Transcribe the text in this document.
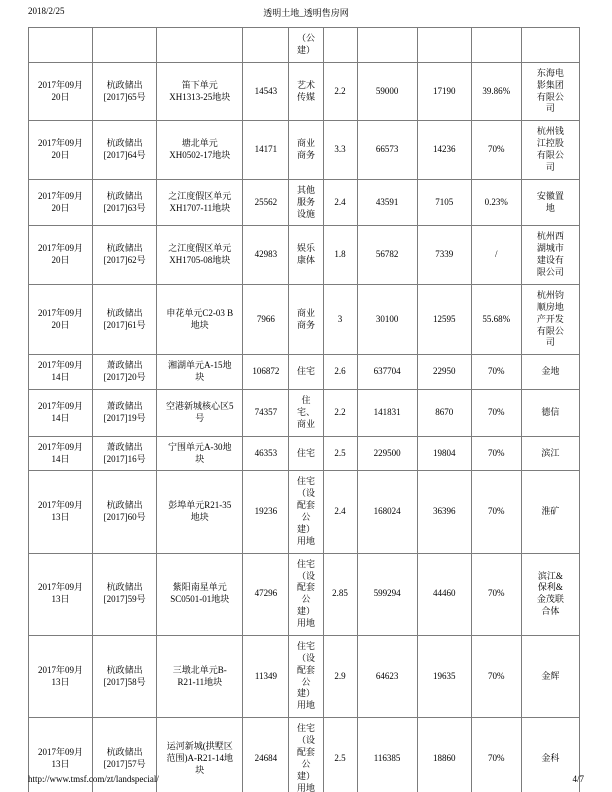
2018/2/25	透明土地_透明售房网
				（公建）					
2017年09月20日	杭政储出[2017]65号	笛下单元XH1313-25地块	14543	艺术传媒	2.2	59000	17190	39.86%	东海电影集团有限公司
2017年09月20日	杭政储出[2017]64号	塘北单元XH0502-17地块	14171	商业商务	3.3	66573	14236	70%	杭州钱江控股有限公司
2017年09月20日	杭政储出[2017]63号	之江度假区单元XH1707-11地块	25562	其他服务设施	2.4	43591	7105	0.23%	安徽置地
2017年09月20日	杭政储出[2017]62号	之江度假区单元XH1705-08地块	42983	娱乐康体	1.8	56782	7339	/	杭州西湖城市建设有限公司
2017年09月20日	杭政储出[2017]61号	申花单元C2-03 B地块	7966	商业商务	3	30100	12595	55.68%	杭州钧顺房地产开发有限公司
2017年09月14日	萧政储出[2017]20号	湘湖单元A-15地块	106872	住宅	2.6	637704	22950	70%	金地
2017年09月14日	萧政储出[2017]19号	空港新城核心区5号	74357	住宅、商业	2.2	141831	8670	70%	德信
2017年09月14日	萧政储出[2017]16号	宁围单元A-30地块	46353	住宅	2.5	229500	19804	70%	滨江
2017年09月13日	杭政储出[2017]60号	彭埠单元R21-35地块	19236	住宅（设配套公建）用地	2.4	168024	36396	70%	淮矿
2017年09月13日	杭政储出[2017]59号	紫阳南星单元SC0501-01地块	47296	住宅（设配套公建）用地	2.85	599294	44460	70%	滨江&保利&金茂联合体
2017年09月13日	杭政储出[2017]58号	三墩北单元B-R21-11地块	11349	住宅（设配套公建）用地	2.9	64623	19635	70%	金辉
2017年09月13日	杭政储出[2017]57号	运河新城(拱墅区范围)A-R21-14地块	24684	住宅（设配套公建）用地	2.5	116385	18860	70%	金科
http://www.tmsf.com/zt/landspecial/	4/7
